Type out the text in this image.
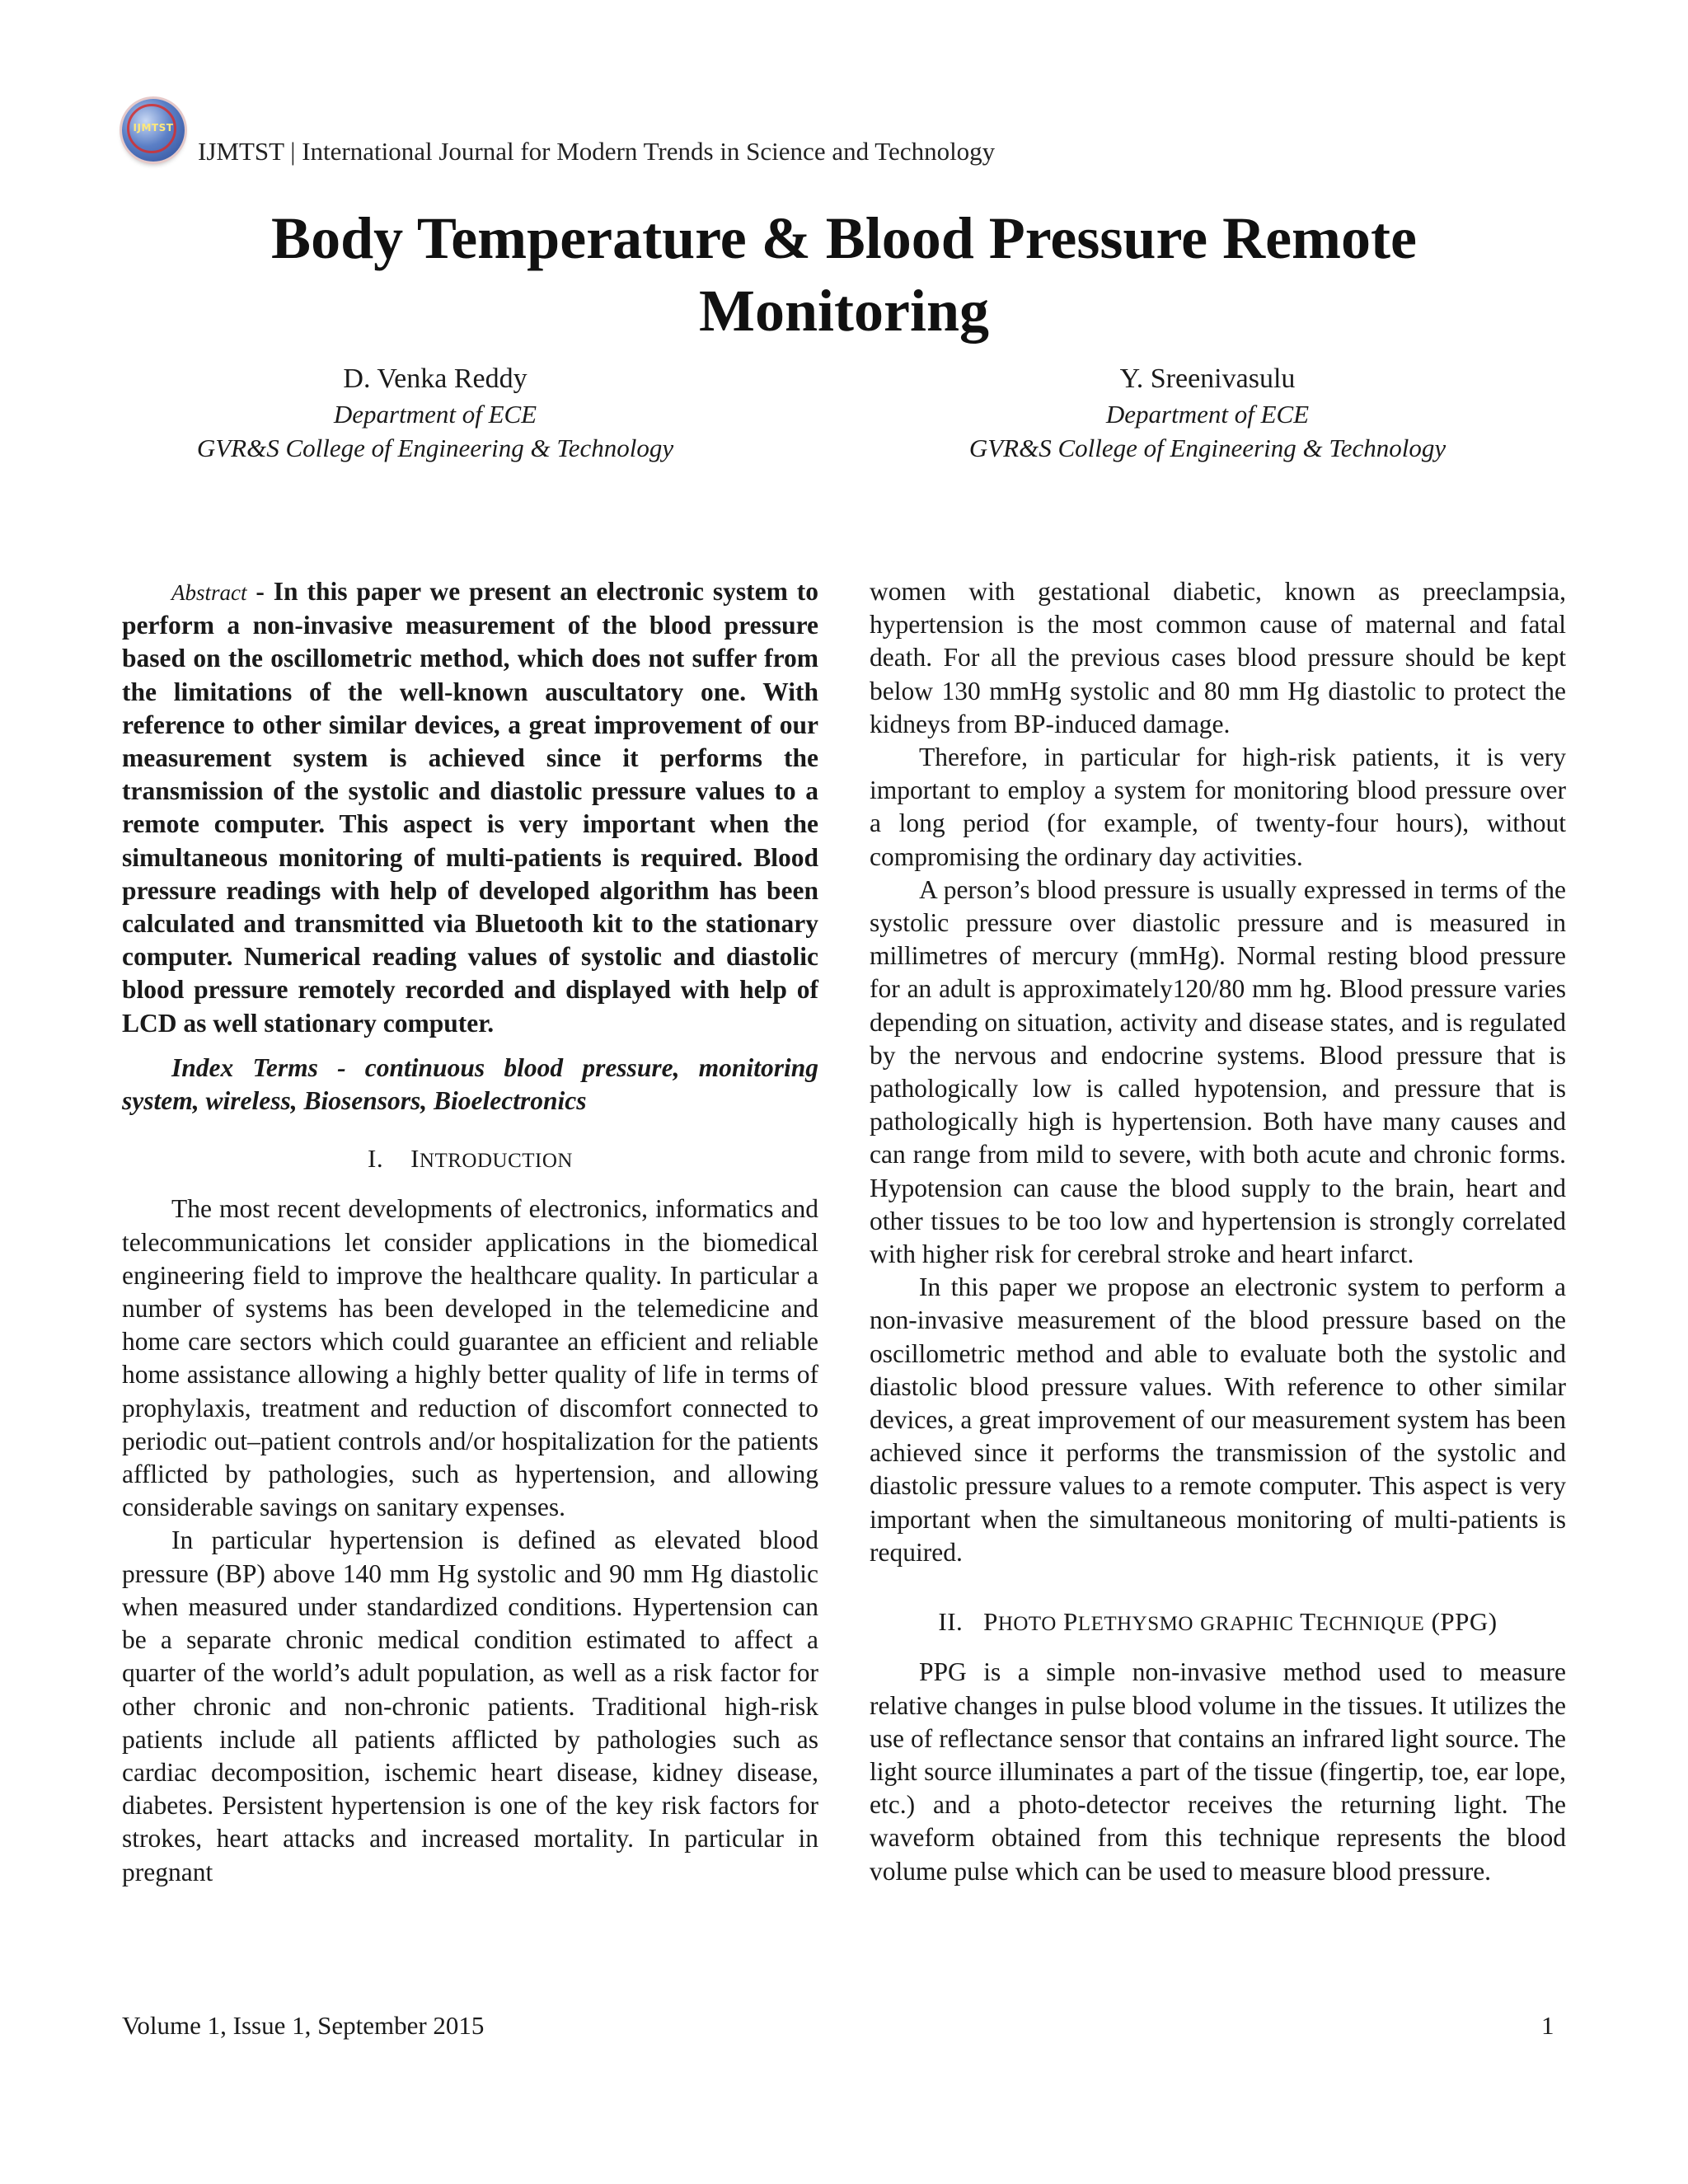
IJMTST
IJMTST | International Journal for Modern Trends in Science and Technology
Body Temperature & Blood Pressure Remote
Monitoring
D. Venka Reddy
Department of ECE
GVR&S College of Engineering & Technology
Y. Sreenivasulu
Department of ECE
GVR&S College of Engineering & Technology

Abstract - In this paper we present an electronic system to perform a non-invasive measurement of the blood pressure based on the oscillometric method, which does not suffer from the limitations of the well-known auscultatory one. With reference to other similar devices, a great improvement of our measurement system is achieved since it performs the transmission of the systolic and diastolic pressure values to a remote computer. This aspect is very important when the simultaneous monitoring of multi-patients is required. Blood pressure readings with help of developed algorithm has been calculated and transmitted via Bluetooth kit to the stationary computer. Numerical reading values of systolic and diastolic blood pressure remotely recorded and displayed with help of LCD as well stationary computer.

Index Terms - continuous blood pressure, monitoring system, wireless, Biosensors, Bioelectronics

I. INTRODUCTION

The most recent developments of electronics, informatics and telecommunications let consider applications in the biomedical engineering field to improve the healthcare quality. In particular a number of systems has been developed in the telemedicine and home care sectors which could guarantee an efficient and reliable home assistance allowing a highly better quality of life in terms of prophylaxis, treatment and reduction of discomfort connected to periodic out–patient controls and/or hospitalization for the patients afflicted by pathologies, such as hypertension, and allowing considerable savings on sanitary expenses.

In particular hypertension is defined as elevated blood pressure (BP) above 140 mm Hg systolic and 90 mm Hg diastolic when measured under standardized conditions. Hypertension can be a separate chronic medical condition estimated to affect a quarter of the world’s adult population, as well as a risk factor for other chronic and non-chronic patients. Traditional high-risk patients include all patients afflicted by pathologies such as cardiac decomposition, ischemic heart disease, kidney disease, diabetes. Persistent hypertension is one of the key risk factors for strokes, heart attacks and increased mortality. In particular in pregnant

women with gestational diabetic, known as preeclampsia, hypertension is the most common cause of maternal and fatal death. For all the previous cases blood pressure should be kept below 130 mmHg systolic and 80 mm Hg diastolic to protect the kidneys from BP-induced damage.

Therefore, in particular for high-risk patients, it is very important to employ a system for monitoring blood pressure over a long period (for example, of twenty-four hours), without compromising the ordinary day activities.

A person’s blood pressure is usually expressed in terms of the systolic pressure over diastolic pressure and is measured in millimetres of mercury (mmHg). Normal resting blood pressure for an adult is approximately120/80 mm hg. Blood pressure varies depending on situation, activity and disease states, and is regulated by the nervous and endocrine systems. Blood pressure that is pathologically low is called hypotension, and pressure that is pathologically high is hypertension. Both have many causes and can range from mild to severe, with both acute and chronic forms. Hypotension can cause the blood supply to the brain, heart and other tissues to be too low and hypertension is strongly correlated with higher risk for cerebral stroke and heart infarct.

In this paper we propose an electronic system to perform a non-invasive measurement of the blood pressure based on the oscillometric method and able to evaluate both the systolic and diastolic blood pressure values. With reference to other similar devices, a great improvement of our measurement system has been achieved since it performs the transmission of the systolic and diastolic pressure values to a remote computer. This aspect is very important when the simultaneous monitoring of multi-patients is required.

II. PHOTO PLETHYSMO GRAPHIC TECHNIQUE (PPG)

PPG is a simple non-invasive method used to measure relative changes in pulse blood volume in the tissues. It utilizes the use of reflectance sensor that contains an infrared light source. The light source illuminates a part of the tissue (fingertip, toe, ear lope, etc.) and a photo-detector receives the returning light. The waveform obtained from this technique represents the blood volume pulse which can be used to measure blood pressure.

Volume 1, Issue 1, September 2015	1
